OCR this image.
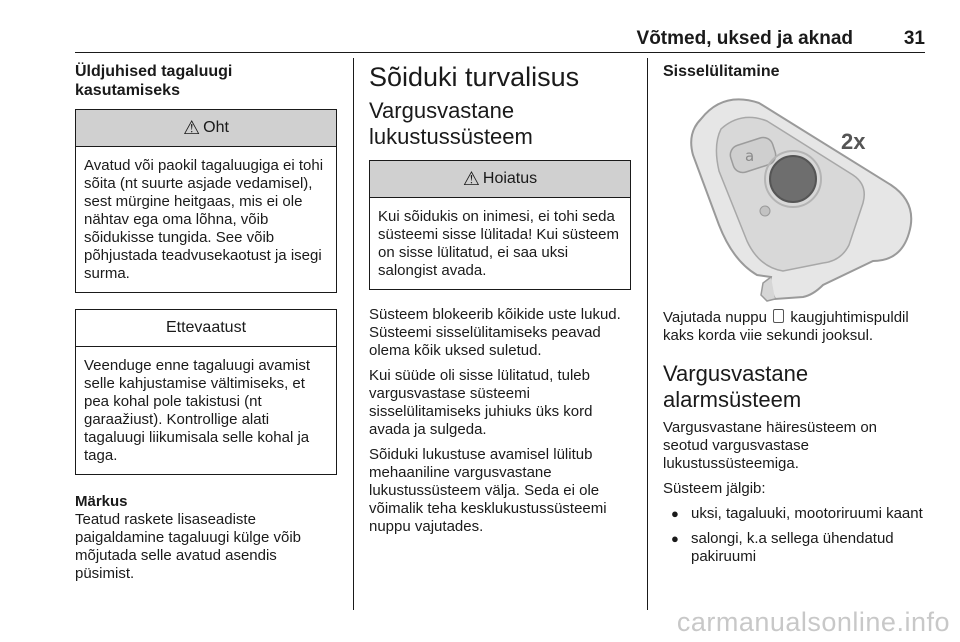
Võtmed, uksed ja aknad	31
Üldjuhised tagaluugi kasutamiseks
⚠ Oht
Avatud või paokil tagaluugiga ei tohi sõita (nt suurte asjade vedamisel), sest mürgine heitgaas, mis ei ole nähtav ega oma lõhna, võib sõidukisse tungida. See võib põhjustada teadvusekaotust ja isegi surma.
Ettevaatust
Veenduge enne tagaluugi avamist selle kahjustamise vältimiseks, et pea kohal pole takistusi (nt garaažiust). Kontrollige alati tagaluugi liikumisala selle kohal ja taga.
Märkus
Teatud raskete lisaseadiste paigaldamine tagaluugi külge võib mõjutada selle avatud asendis püsimist.
Sõiduki turvalisus
Vargusvastane lukustussüsteem
⚠ Hoiatus
Kui sõidukis on inimesi, ei tohi seda süsteemi sisse lülitada! Kui süsteem on sisse lülitatud, ei saa uksi salongist avada.

Süsteem blokeerib kõikide uste lukud. Süsteemi sisselülitamiseks peavad olema kõik uksed suletud.

Kui süüde oli sisse lülitatud, tuleb vargusvastase süsteemi sisselülitamiseks juhiuks üks kord avada ja sulgeda.

Sõiduki lukustuse avamisel lülitub mehaaniline vargusvastane lukustussüsteem välja. Seda ei ole võimalik teha kesklukustussüsteemi nuppu vajutades.

Sisselülitamine
a
2x

Vajutada nuppu kaugjuhtimispuldil kaks korda viie sekundi jooksul.

Vargusvastane alarmsüsteem

Vargusvastane häiresüsteem on seotud vargusvastase lukustussüsteemiga.

Süsteem jälgib:

● uksi, tagaluuki, mootoriruumi kaant
● salongi, k.a sellega ühendatud pakiruumi
carmanualsonline.info
